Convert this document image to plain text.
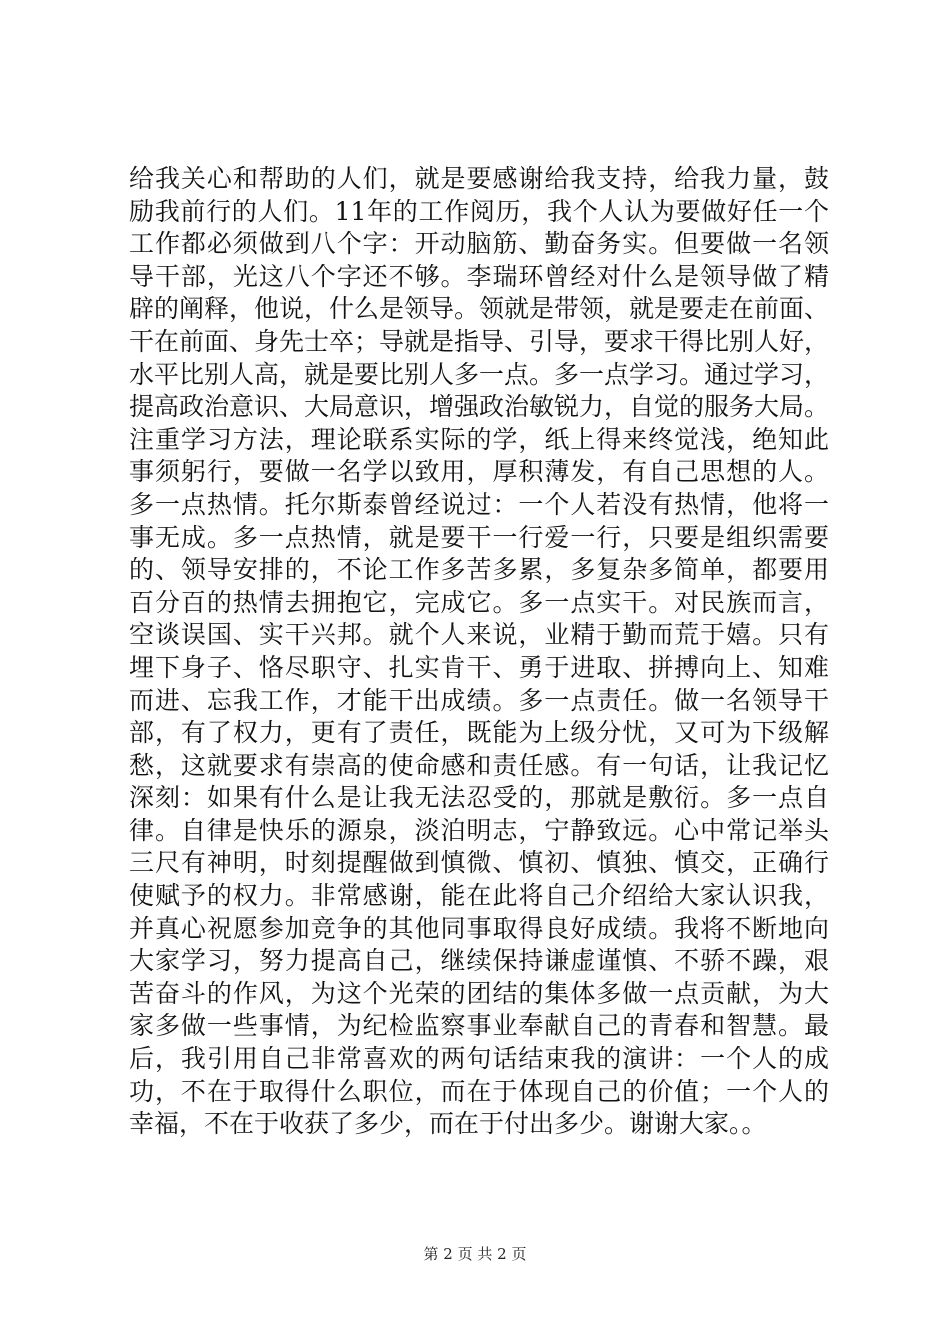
给我关心和帮助的人们，就是要感谢给我支持，给我力量，鼓
励我前行的人们。11年的工作阅历，我个人认为要做好任一个
工作都必须做到八个字：开动脑筋、勤奋务实。但要做一名领
导干部，光这八个字还不够。李瑞环曾经对什么是领导做了精
辟的阐释，他说，什么是领导。领就是带领，就是要走在前面、
干在前面、身先士卒；导就是指导、引导，要求干得比别人好，
水平比别人高，就是要比别人多一点。多一点学习。通过学习，
提高政治意识、大局意识，增强政治敏锐力，自觉的服务大局。
注重学习方法，理论联系实际的学，纸上得来终觉浅，绝知此
事须躬行，要做一名学以致用，厚积薄发，有自己思想的人。
多一点热情。托尔斯泰曾经说过：一个人若没有热情，他将一
事无成。多一点热情，就是要干一行爱一行，只要是组织需要
的、领导安排的，不论工作多苦多累，多复杂多简单，都要用
百分百的热情去拥抱它，完成它。多一点实干。对民族而言，
空谈误国、实干兴邦。就个人来说，业精于勤而荒于嬉。只有
埋下身子、恪尽职守、扎实肯干、勇于进取、拼搏向上、知难
而进、忘我工作，才能干出成绩。多一点责任。做一名领导干
部，有了权力，更有了责任，既能为上级分忧，又可为下级解
愁，这就要求有崇高的使命感和责任感。有一句话，让我记忆
深刻：如果有什么是让我无法忍受的，那就是敷衍。多一点自
律。自律是快乐的源泉，淡泊明志，宁静致远。心中常记举头
三尺有神明，时刻提醒做到慎微、慎初、慎独、慎交，正确行
使赋予的权力。非常感谢，能在此将自己介绍给大家认识我，
并真心祝愿参加竞争的其他同事取得良好成绩。我将不断地向
大家学习，努力提高自己，继续保持谦虚谨慎、不骄不躁，艰
苦奋斗的作风，为这个光荣的团结的集体多做一点贡献，为大
家多做一些事情，为纪检监察事业奉献自己的青春和智慧。最
后，我引用自己非常喜欢的两句话结束我的演讲：一个人的成
功，不在于取得什么职位，而在于体现自己的价值；一个人的
幸福，不在于收获了多少，而在于付出多少。谢谢大家。。
第 2 页 共 2 页
